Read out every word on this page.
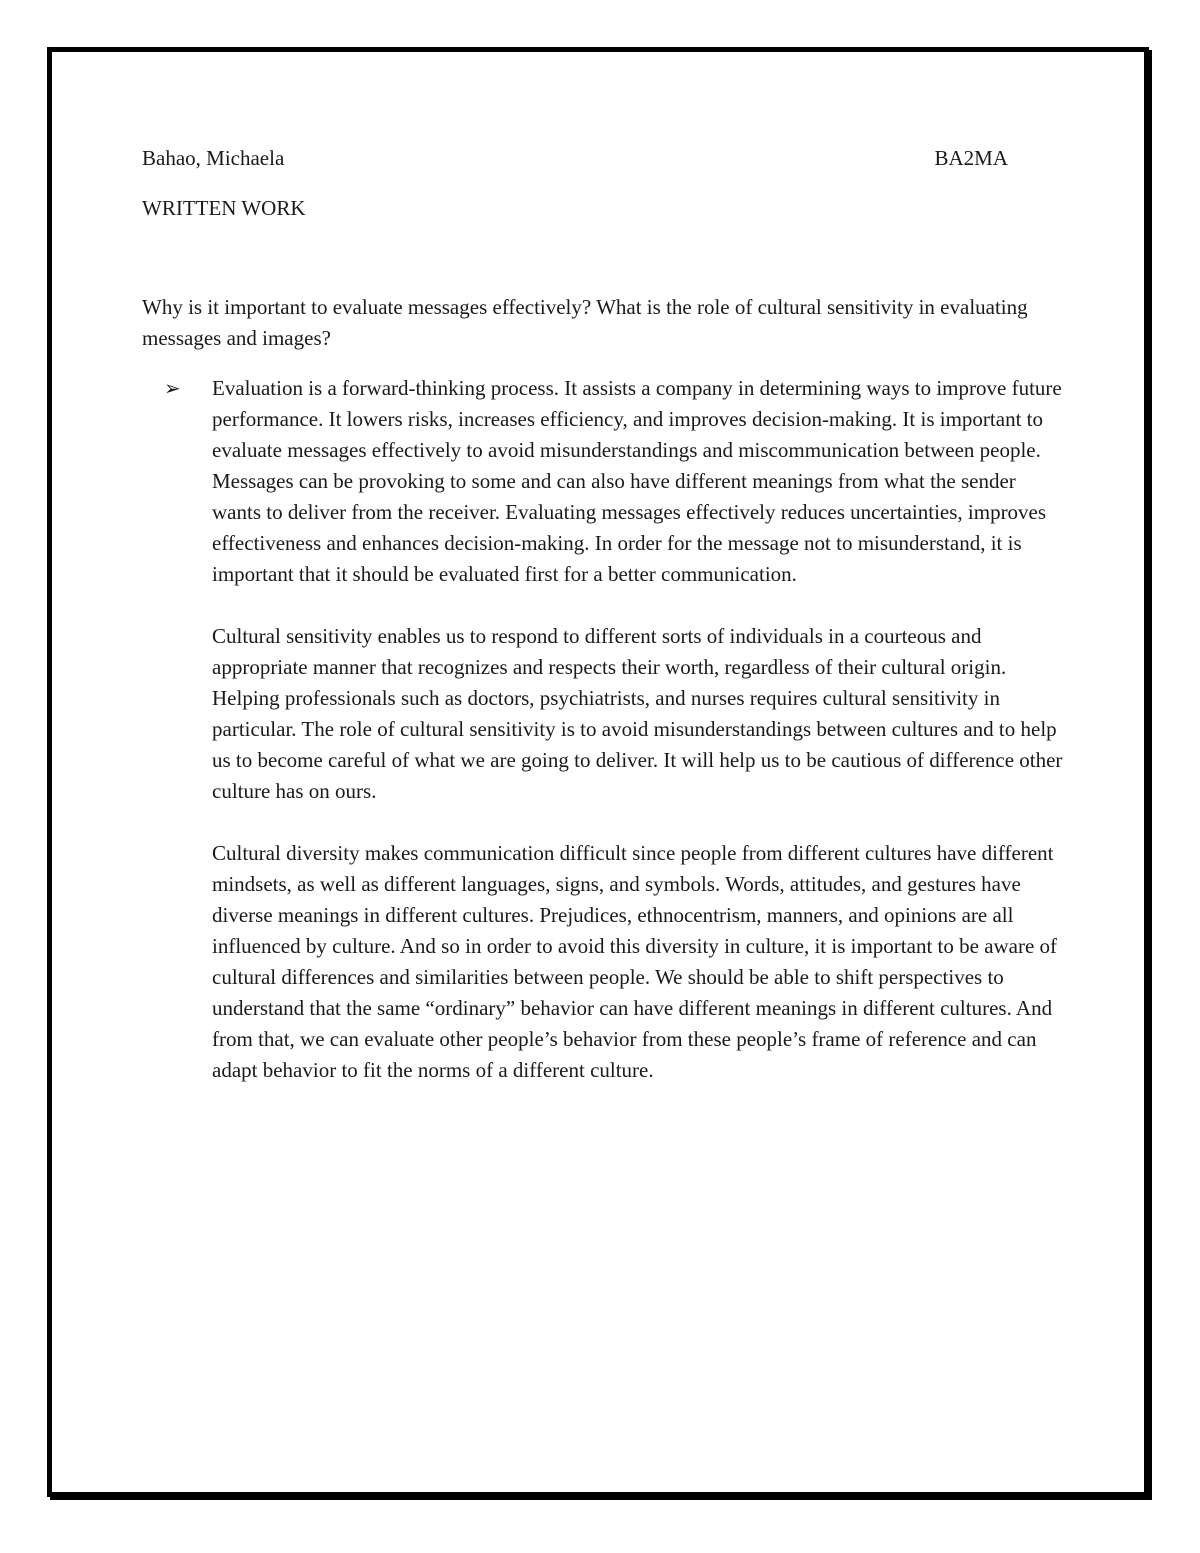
Bahao, Michaela	BA2MA
WRITTEN WORK
Why is it important to evaluate messages effectively? What is the role of cultural sensitivity in evaluating messages and images?
➢ Evaluation is a forward-thinking process. It assists a company in determining ways to improve future performance. It lowers risks, increases efficiency, and improves decision-making. It is important to evaluate messages effectively to avoid misunderstandings and miscommunication between people. Messages can be provoking to some and can also have different meanings from what the sender wants to deliver from the receiver. Evaluating messages effectively reduces uncertainties, improves effectiveness and enhances decision-making. In order for the message not to misunderstand, it is important that it should be evaluated first for a better communication.

Cultural sensitivity enables us to respond to different sorts of individuals in a courteous and appropriate manner that recognizes and respects their worth, regardless of their cultural origin. Helping professionals such as doctors, psychiatrists, and nurses requires cultural sensitivity in particular. The role of cultural sensitivity is to avoid misunderstandings between cultures and to help us to become careful of what we are going to deliver. It will help us to be cautious of difference other culture has on ours.

Cultural diversity makes communication difficult since people from different cultures have different mindsets, as well as different languages, signs, and symbols. Words, attitudes, and gestures have diverse meanings in different cultures. Prejudices, ethnocentrism, manners, and opinions are all influenced by culture. And so in order to avoid this diversity in culture, it is important to be aware of cultural differences and similarities between people. We should be able to shift perspectives to understand that the same “ordinary” behavior can have different meanings in different cultures. And from that, we can evaluate other people’s behavior from these people’s frame of reference and can adapt behavior to fit the norms of a different culture.
